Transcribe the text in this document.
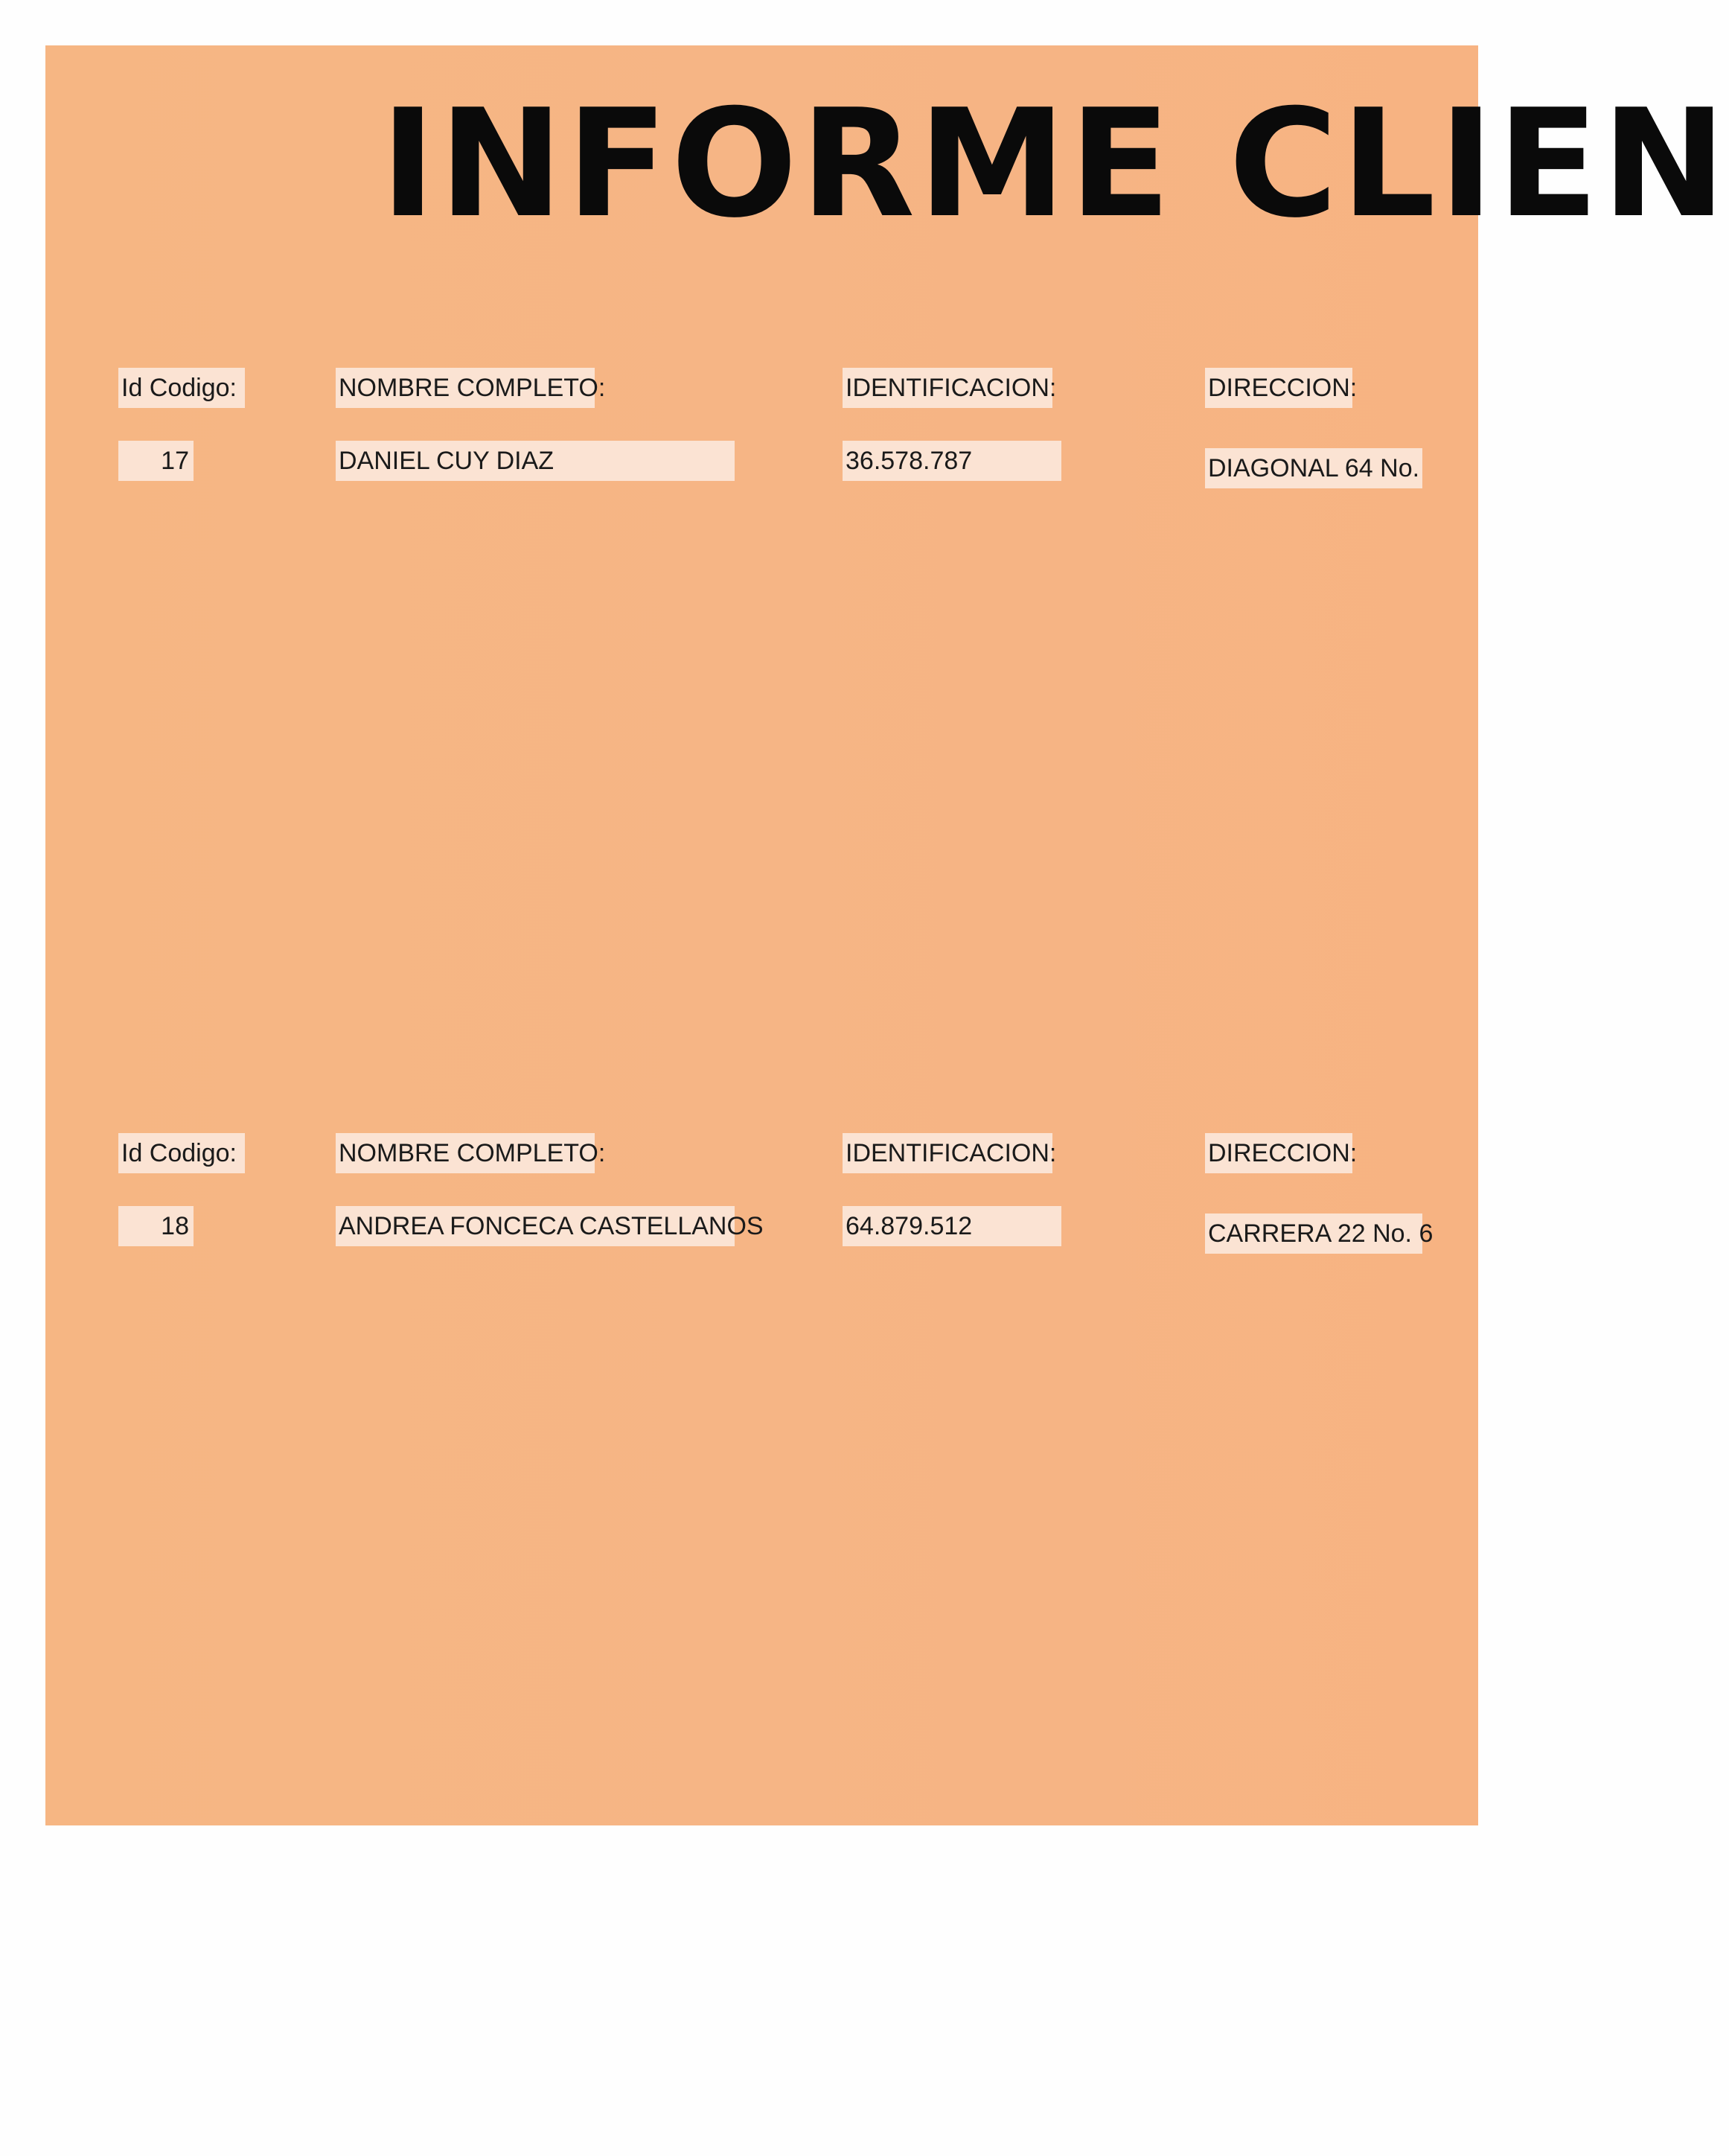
INFORME CLIEN
Id Codigo:	NOMBRE COMPLETO:	IDENTIFICACION:	DIRECCION:
17	DANIEL CUY DIAZ	36.578.787	DIAGONAL 64 No.
Id Codigo:	NOMBRE COMPLETO:	IDENTIFICACION:	DIRECCION:
18	ANDREA FONCECA CASTELLANOS	64.879.512	CARRERA 22 No. 6
